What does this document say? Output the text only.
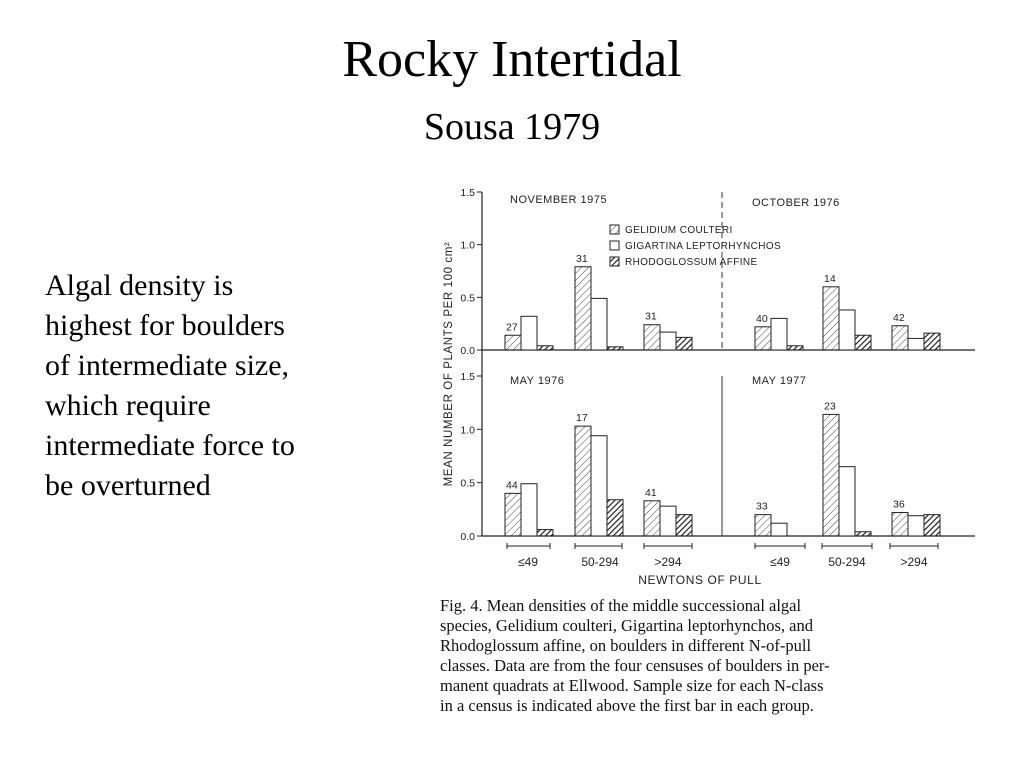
Rocky Intertidal
Sousa 1979
Algal density is
highest for boulders
of intermediate size,
which require
intermediate force to
be overturned
0.0
0.5
1.0
1.5
0.0
0.5
1.0
1.5
MEAN NUMBER OF PLANTS PER 100 cm²
NOVEMBER 1975
27
31
31
OCTOBER 1976
40
14
42
MAY 1976
44
17
41
MAY 1977
33
23
36
GELIDIUM COULTERI
GIGARTINA LEPTORHYNCHOS
RHODOGLOSSUM AFFINE
≤49	50-294	>294	≤49	50-294	>294
NEWTONS OF PULL
Fig. 4. Mean densities of the middle successional algal
species, Gelidium coulteri, Gigartina leptorhynchos, and
Rhodoglossum affine, on boulders in different N-of-pull
classes. Data are from the four censuses of boulders in per-
manent quadrats at Ellwood. Sample size for each N-class
in a census is indicated above the first bar in each group.
